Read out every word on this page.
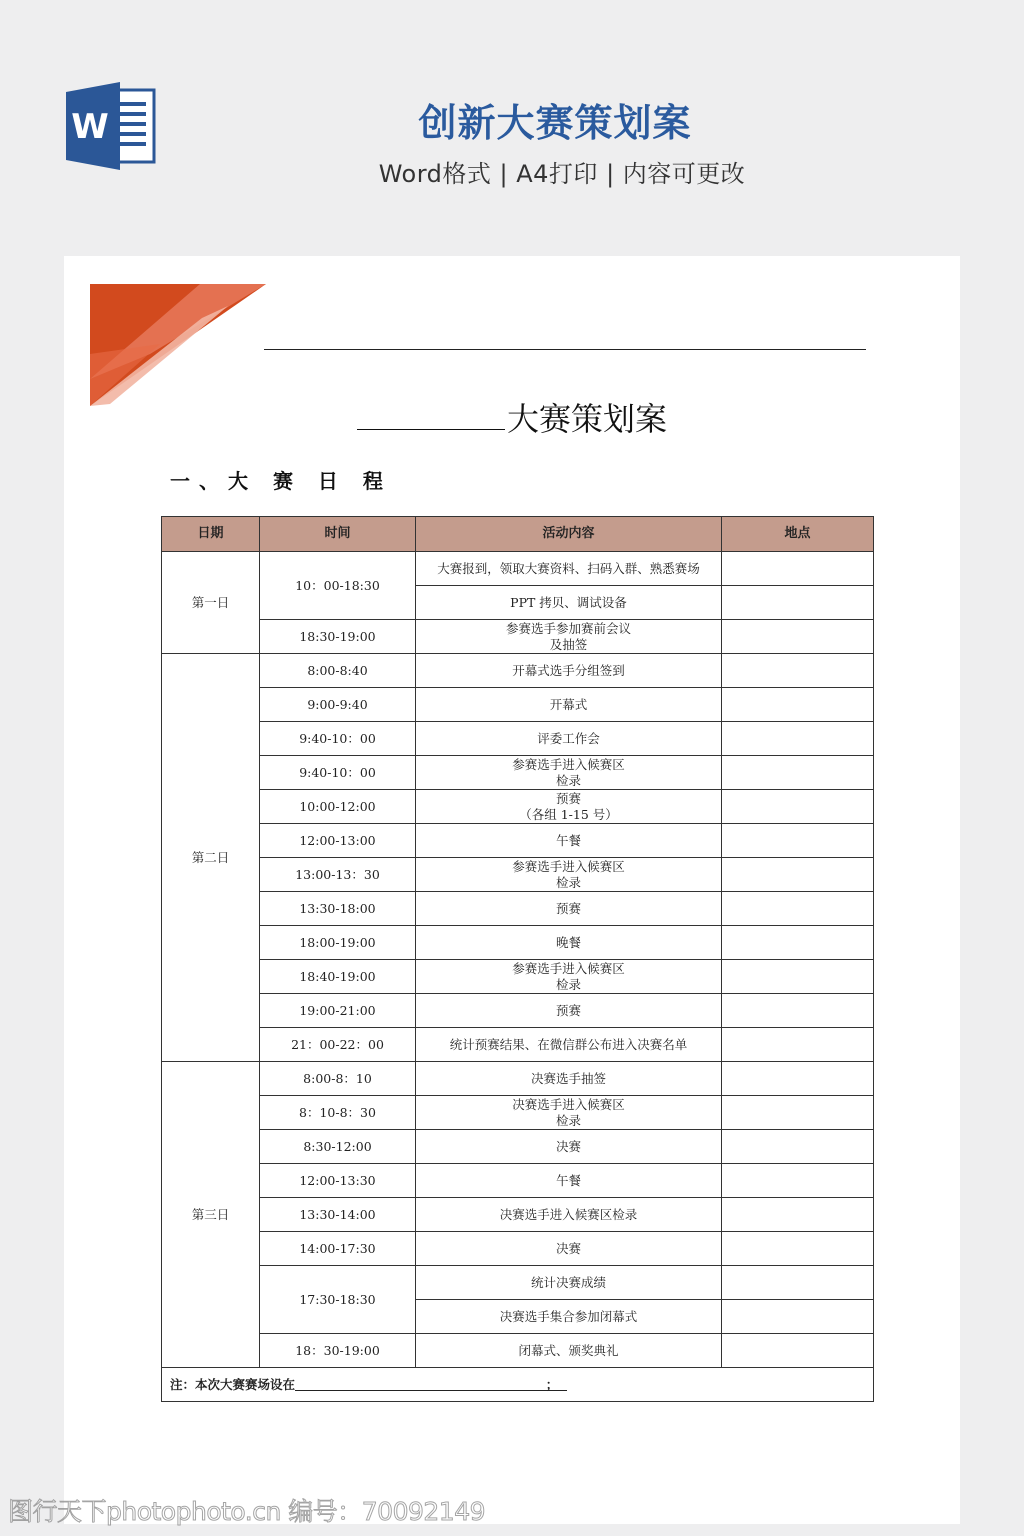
W	创新大赛策划案
Word格式 | A4打印 | 内容可更改
大赛策划案
一、大 赛 日 程
日期	时间	活动内容	地点
第一日	10：00-18:30	大赛报到，领取大赛资料、扫码入群、熟悉赛场	
		PPT 拷贝、调试设备	
	18:30-19:00	参赛选手参加赛前会议
及抽签	
第二日	8:00-8:40	开幕式选手分组签到	
	9:00-9:40	开幕式	
	9:40-10：00	评委工作会	
	9:40-10：00	参赛选手进入候赛区
检录	
	10:00-12:00	预赛
（各组 1-15 号）	
	12:00-13:00	午餐	
	13:00-13：30	参赛选手进入候赛区
检录	
	13:30-18:00	预赛	
	18:00-19:00	晚餐	
	18:40-19:00	参赛选手进入候赛区
检录	
	19:00-21:00	预赛	
	21：00-22：00	统计预赛结果、在微信群公布进入决赛名单	
第三日	8:00-8：10	决赛选手抽签	
	8：10-8：30	决赛选手进入候赛区
检录	
	8:30-12:00	决赛	
	12:00-13:30	午餐	
	13:30-14:00	决赛选手进入候赛区检录	
	14:00-17:30	决赛	
	17:30-18:30	统计决赛成绩	
		决赛选手集合参加闭幕式	
	18：30-19:00	闭幕式、颁奖典礼	
注：本次大赛赛场设在 ；			
图行天下photophoto.cn 编号：70092149
